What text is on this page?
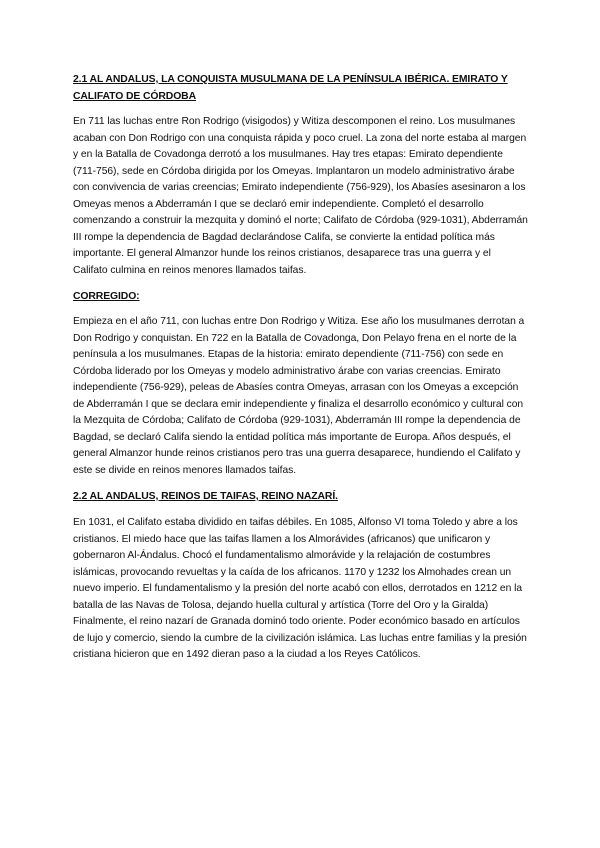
2.1 AL ANDALUS, LA CONQUISTA MUSULMANA DE LA PENÍNSULA IBÉRICA. EMIRATO Y CALIFATO DE CÓRDOBA

En 711 las luchas entre Ron Rodrigo (visigodos) y Witiza descomponen el reino. Los musulmanes acaban con Don Rodrigo con una conquista rápida y poco cruel. La zona del norte estaba al margen y en la Batalla de Covadonga derrotó a los musulmanes. Hay tres etapas: Emirato dependiente (711-756), sede en Córdoba dirigida por los Omeyas. Implantaron un modelo administrativo árabe con convivencia de varias creencias; Emirato independiente (756-929), los Abasíes asesinaron a los Omeyas menos a Abderramán I que se declaró emir independiente. Completó el desarrollo comenzando a construir la mezquita y dominó el norte; Califato de Córdoba (929-1031), Abderramán III rompe la dependencia de Bagdad declarándose Califa, se convierte la entidad política más importante. El general Almanzor hunde los reinos cristianos, desaparece tras una guerra y el Califato culmina en reinos menores llamados taifas.

CORREGIDO:

Empieza en el año 711, con luchas entre Don Rodrigo y Witiza. Ese año los musulmanes derrotan a Don Rodrigo y conquistan. En 722 en la Batalla de Covadonga, Don Pelayo frena en el norte de la península a los musulmanes. Etapas de la historia: emirato dependiente (711-756) con sede en Córdoba liderado por los Omeyas y modelo administrativo árabe con varias creencias. Emirato independiente (756-929), peleas de Abasíes contra Omeyas, arrasan con los Omeyas a excepción de Abderramán I que se declara emir independiente y finaliza el desarrollo económico y cultural con la Mezquita de Córdoba; Califato de Córdoba (929-1031), Abderramán III rompe la dependencia de Bagdad, se declaró Califa siendo la entidad política más importante de Europa. Años después, el general Almanzor hunde reinos cristianos pero tras una guerra desaparece, hundiendo el Califato y este se divide en reinos menores llamados taifas.

2.2 AL ANDALUS, REINOS DE TAIFAS, REINO NAZARÍ.

En 1031, el Califato estaba dividido en taifas débiles. En 1085, Alfonso VI toma Toledo y abre a los cristianos. El miedo hace que las taifas llamen a los Almorávides (africanos) que unificaron y gobernaron Al-Ándalus. Chocó el fundamentalismo almorávide y la relajación de costumbres islámicas, provocando revueltas y la caída de los africanos. 1170 y 1232 los Almohades crean un nuevo imperio. El fundamentalismo y la presión del norte acabó con ellos, derrotados en 1212 en la batalla de las Navas de Tolosa, dejando huella cultural y artística (Torre del Oro y la Giralda) Finalmente, el reino nazarí de Granada dominó todo oriente. Poder económico basado en artículos de lujo y comercio, siendo la cumbre de la civilización islámica. Las luchas entre familias y la presión cristiana hicieron que en 1492 dieran paso a la ciudad a los Reyes Católicos.
